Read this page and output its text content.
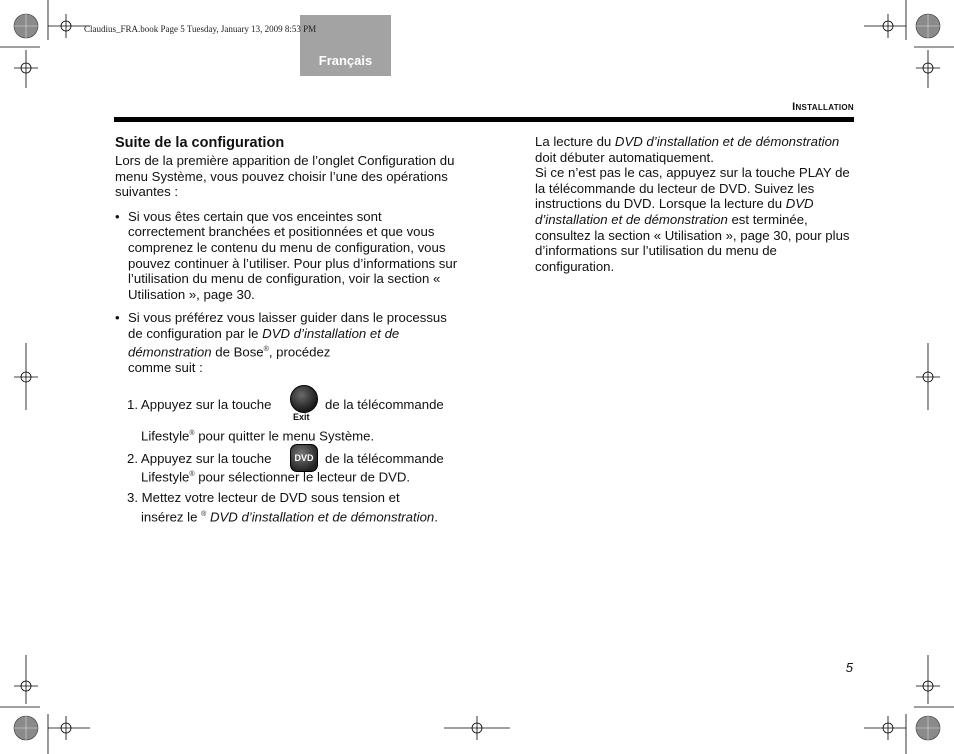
Claudius_FRA.book Page 5 Tuesday, January 13, 2009 8:53 PM
Français
Installation
Suite de la configuration

Lors de la première apparition de l’onglet Configuration du menu Système, vous pouvez choisir l’une des opérations suivantes :

• Si vous êtes certain que vos enceintes sont correctement branchées et positionnées et que vous comprenez le contenu du menu de configuration, vous pouvez continuer à l’utiliser. Pour plus d’informations sur l’utilisation du menu de configuration, voir la section « Utilisation », page 30.
• Si vous préférez vous laisser guider dans le processus de configuration par le DVD d’installation et de démonstration de Bose®, procédez
comme suit :
1. Appuyez sur la touche
Exit
de la télécommande
Lifestyle® pour quitter le menu Système.
2. Appuyez sur la touche	DVD de la télécommande
Lifestyle® pour sélectionner le lecteur de DVD.
3. Mettez votre lecteur de DVD sous tension et
insérez le ® DVD d’installation et de démonstration.

La lecture du DVD d’installation et de démonstration doit débuter automatiquement.

Si ce n’est pas le cas, appuyez sur la touche PLAY de la télécommande du lecteur de DVD. Suivez les instructions du DVD. Lorsque la lecture du DVD d’installation et de démonstration est terminée, consultez la section « Utilisation », page 30, pour plus d’informations sur l’utilisation du menu de configuration.

5
